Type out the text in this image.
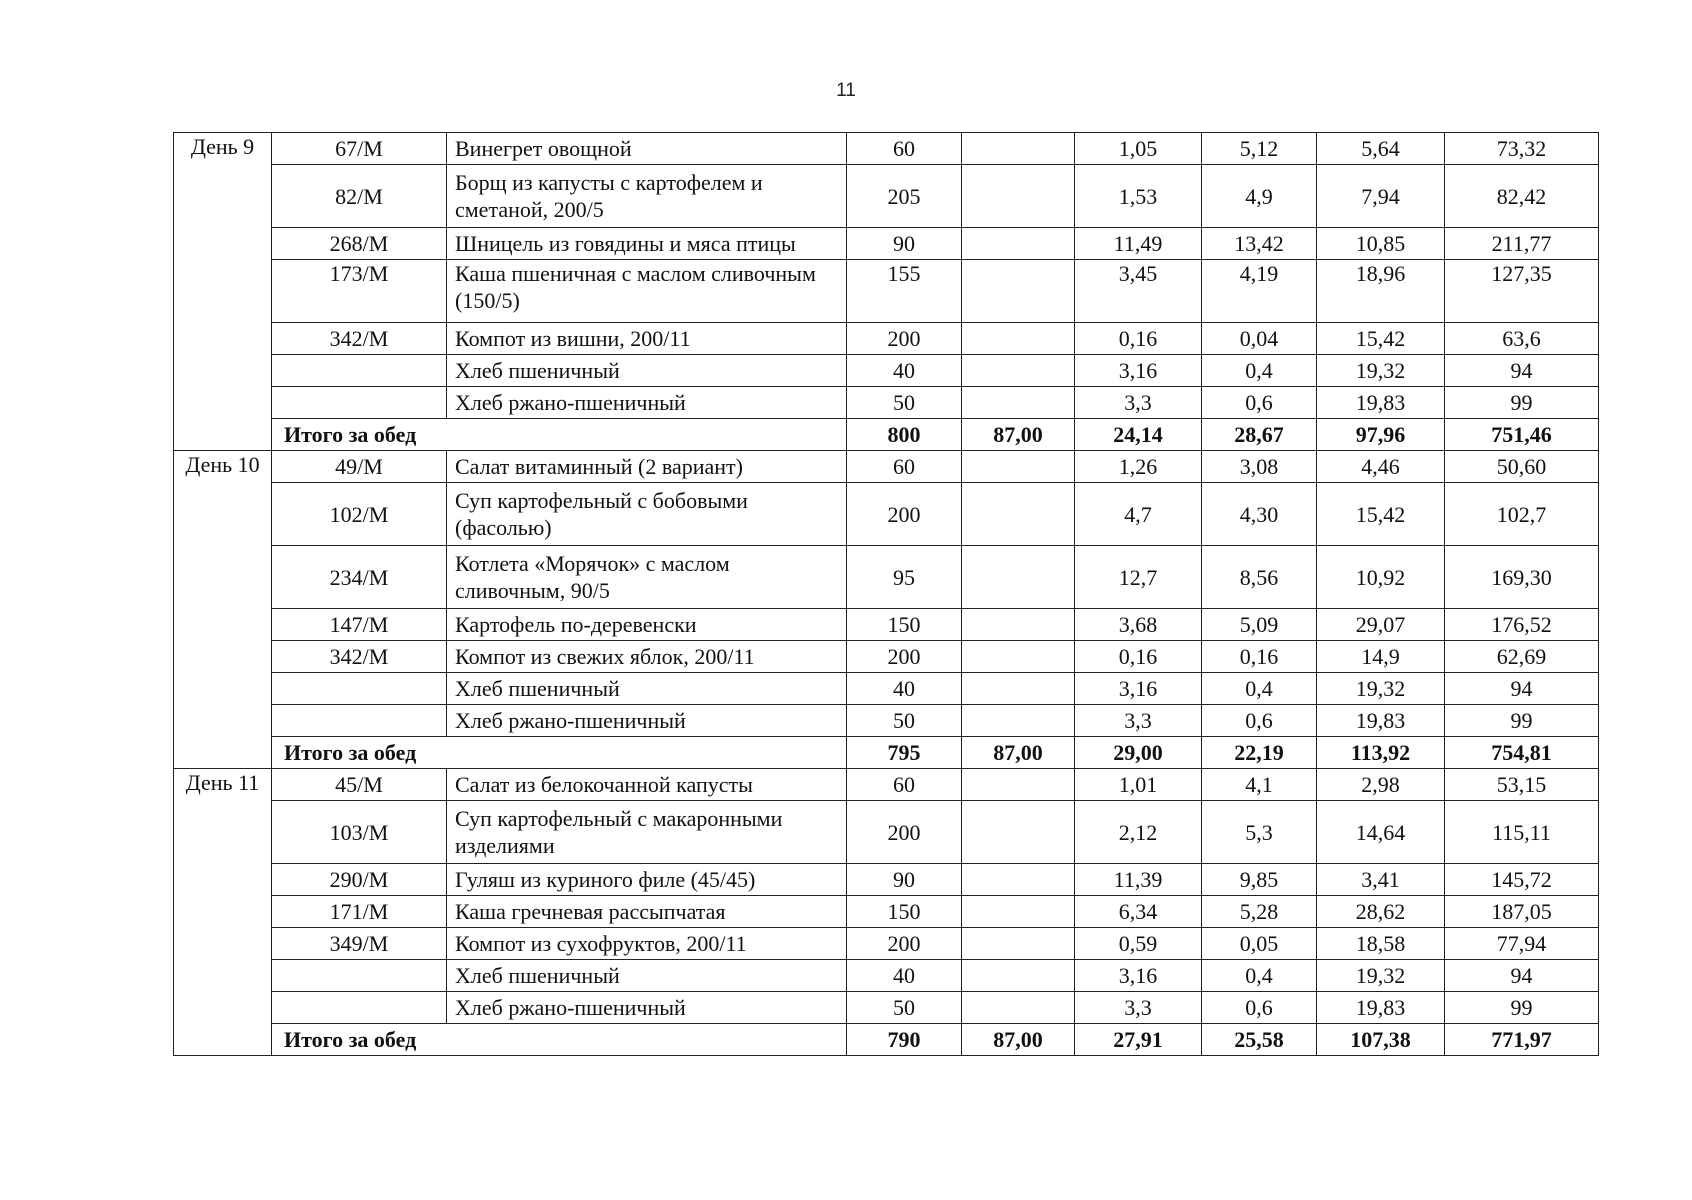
11
День 9	67/М	Винегрет овощной	60		1,05	5,12	5,64	73,32
	82/М	Борщ из капусты с картофелем и сметаной, 200/5	205		1,53	4,9	7,94	82,42
	268/М	Шницель из говядины и мяса птицы	90		11,49	13,42	10,85	211,77
	173/М	Каша пшеничная с маслом сливочным (150/5)	155		3,45	4,19	18,96	127,35
	342/М	Компот из вишни, 200/11	200		0,16	0,04	15,42	63,6
		Хлеб пшеничный	40		3,16	0,4	19,32	94
		Хлеб ржано-пшеничный	50		3,3	0,6	19,83	99
	Итого за обед		800	87,00	24,14	28,67	97,96	751,46
День 10	49/М	Салат витаминный (2 вариант)	60		1,26	3,08	4,46	50,60
	102/М	Суп картофельный с бобовыми (фасолью)	200		4,7	4,30	15,42	102,7
	234/М	Котлета «Морячок» с маслом сливочным, 90/5	95		12,7	8,56	10,92	169,30
	147/М	Картофель по-деревенски	150		3,68	5,09	29,07	176,52
	342/М	Компот из свежих яблок, 200/11	200		0,16	0,16	14,9	62,69
		Хлеб пшеничный	40		3,16	0,4	19,32	94
		Хлеб ржано-пшеничный	50		3,3	0,6	19,83	99
	Итого за обед		795	87,00	29,00	22,19	113,92	754,81
День 11	45/М	Салат из белокочанной капусты	60		1,01	4,1	2,98	53,15
	103/М	Суп картофельный с макаронными изделиями	200		2,12	5,3	14,64	115,11
	290/М	Гуляш из куриного филе (45/45)	90		11,39	9,85	3,41	145,72
	171/М	Каша гречневая рассыпчатая	150		6,34	5,28	28,62	187,05
	349/М	Компот из сухофруктов, 200/11	200		0,59	0,05	18,58	77,94
		Хлеб пшеничный	40		3,16	0,4	19,32	94
		Хлеб ржано-пшеничный	50		3,3	0,6	19,83	99
	Итого за обед		790	87,00	27,91	25,58	107,38	771,97
